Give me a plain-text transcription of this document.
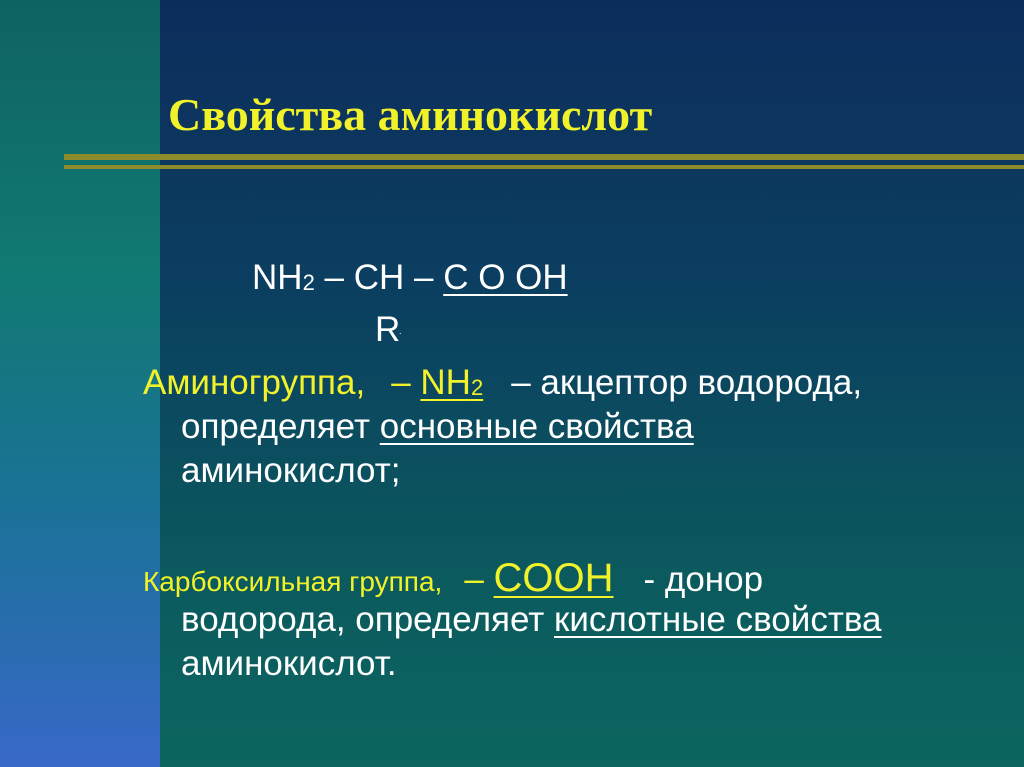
Свойства аминокислот
$NH_2$ – CH – C O OH
R
Аминогруппа, – $NH_2$ – акцептор водорода,
определяет основные свойства
аминокислот;
Карбоксильная группа, – COOH - донор
водорода, определяет кислотные свойства
аминокислот.
